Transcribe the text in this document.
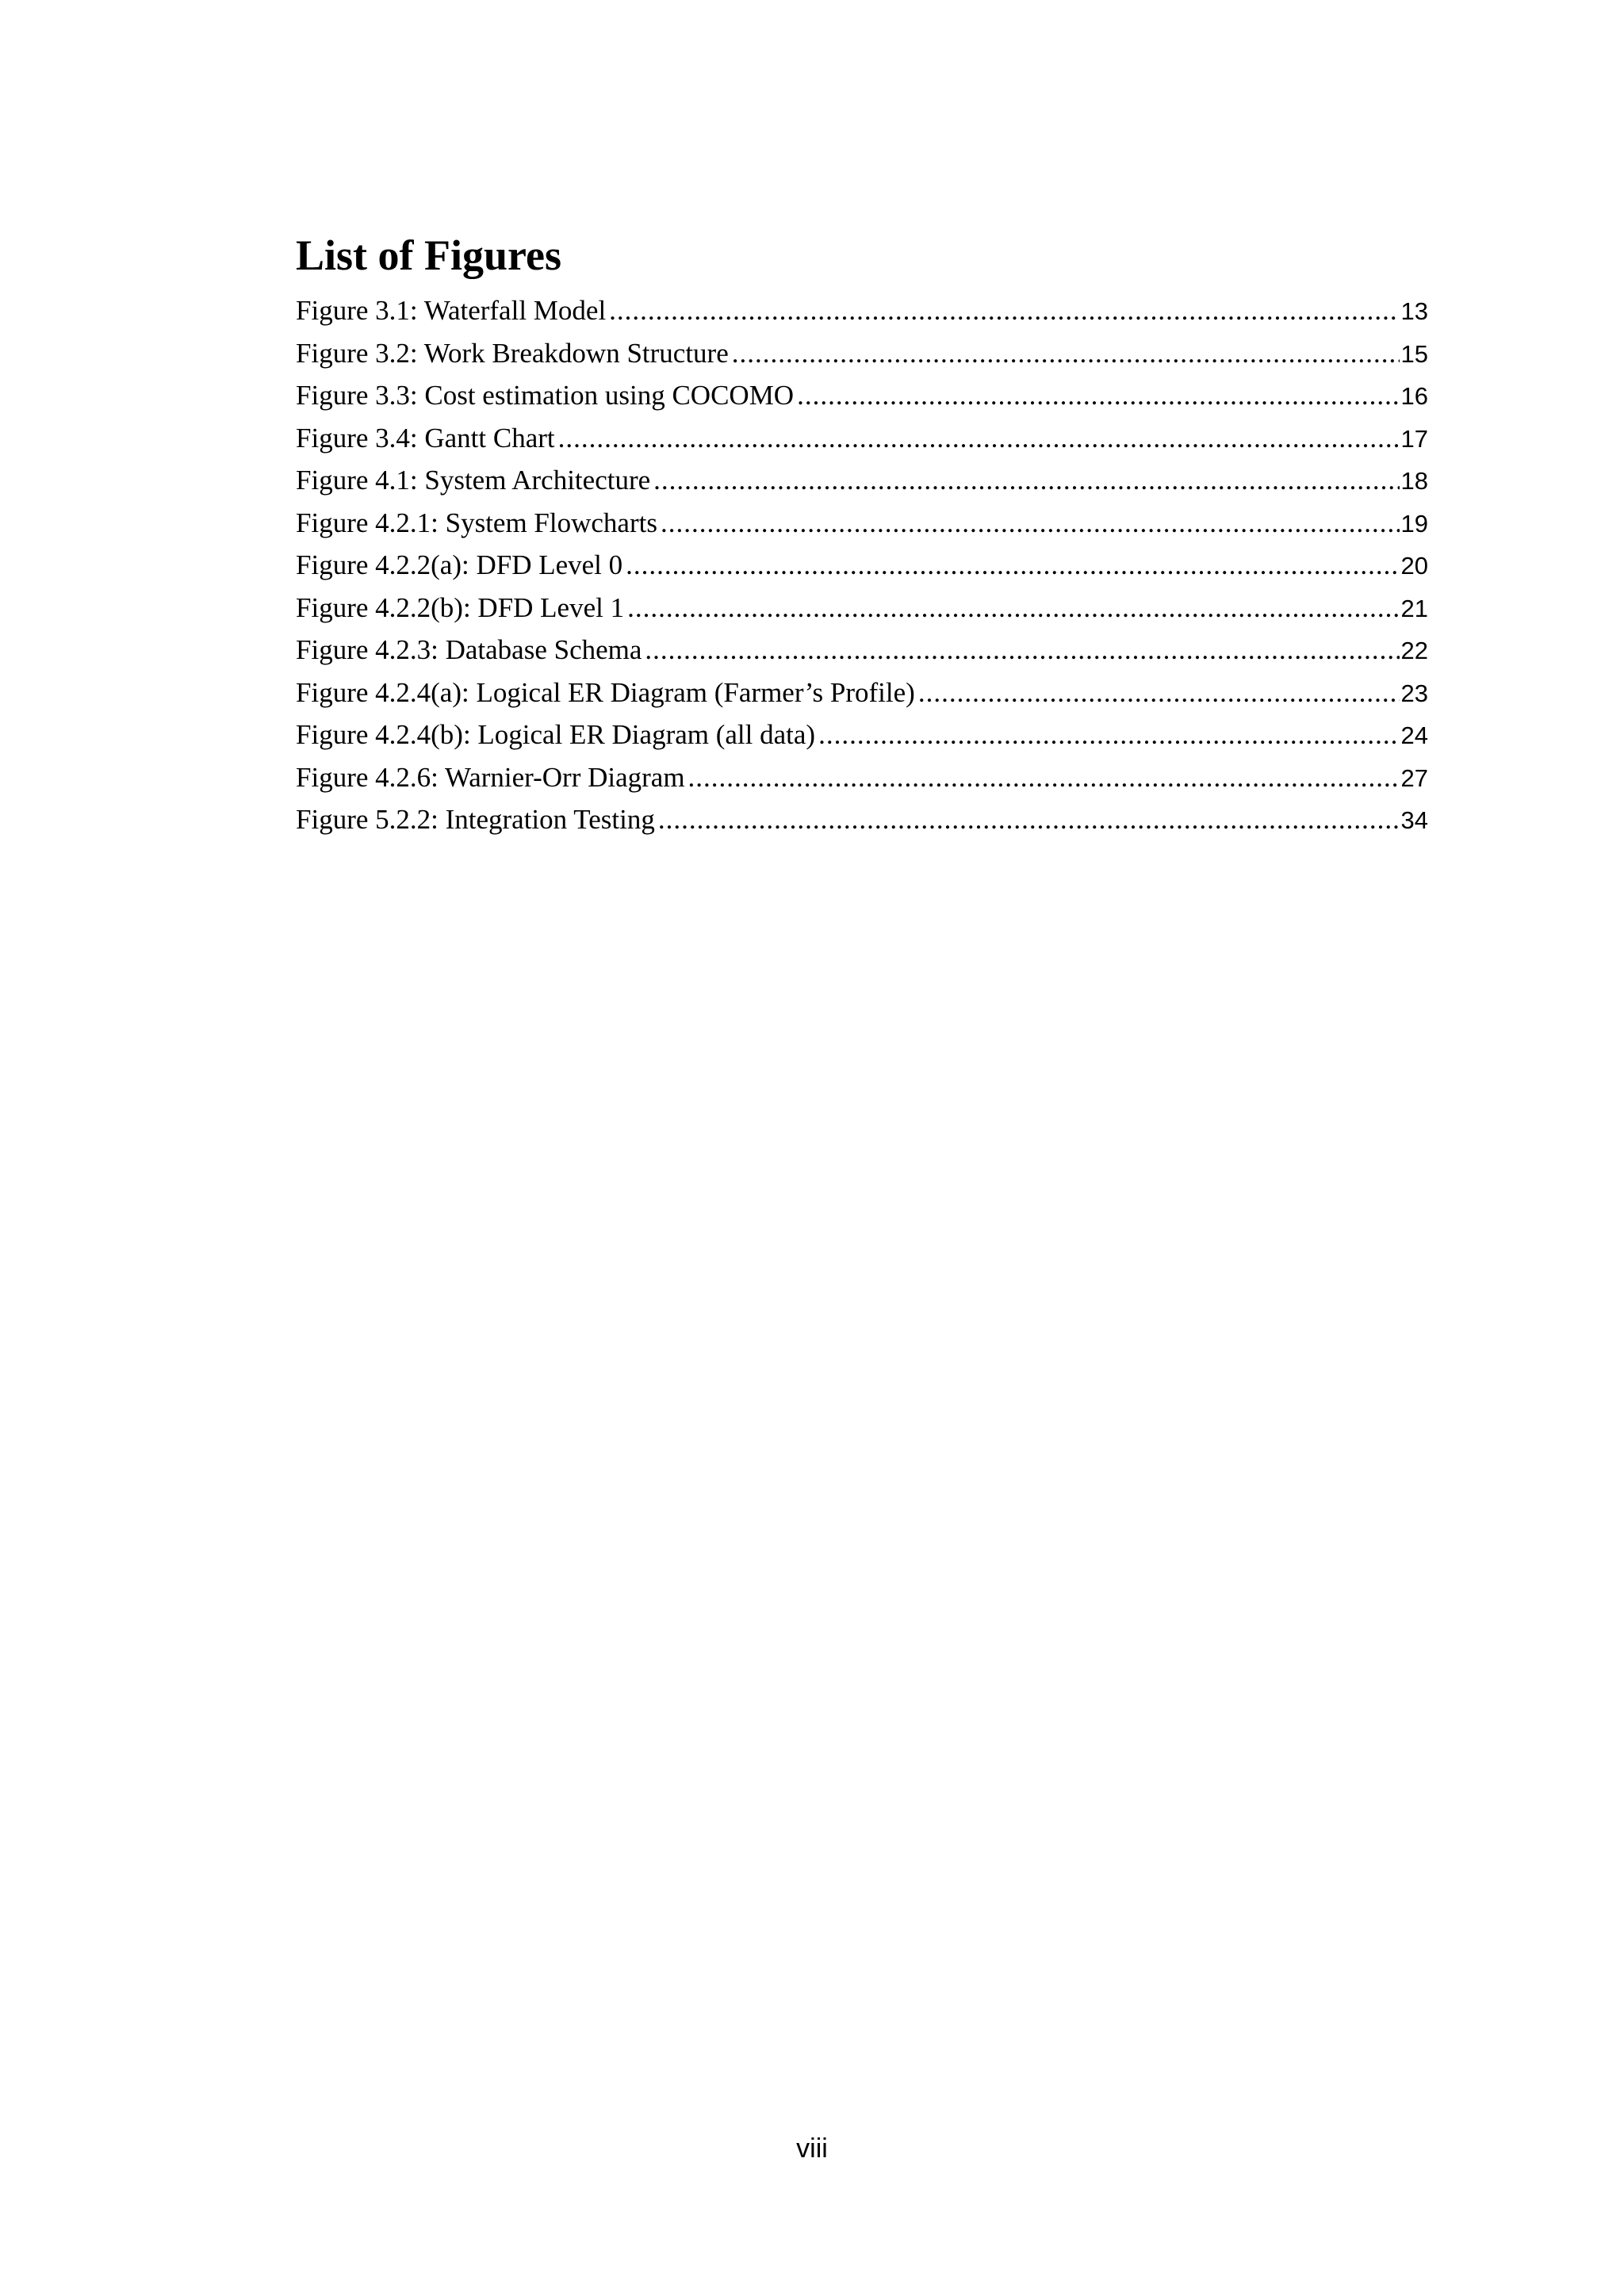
List of Figures
Figure 3.1: Waterfall Model .....	13
Figure 3.2: Work Breakdown Structure .....	15
Figure 3.3: Cost estimation using COCOMO .....	16
Figure 3.4: Gantt Chart .....	17
Figure 4.1: System Architecture .....	18
Figure 4.2.1: System Flowcharts .....	19
Figure 4.2.2(a): DFD Level 0 .....	20
Figure 4.2.2(b): DFD Level 1 .....	21
Figure 4.2.3: Database Schema .....	22
Figure 4.2.4(a): Logical ER Diagram (Farmer’s Profile) .....	23
Figure 4.2.4(b): Logical ER Diagram (all data) .....	24
Figure 4.2.6: Warnier-Orr Diagram .....	27
Figure 5.2.2: Integration Testing .....	34
viii
